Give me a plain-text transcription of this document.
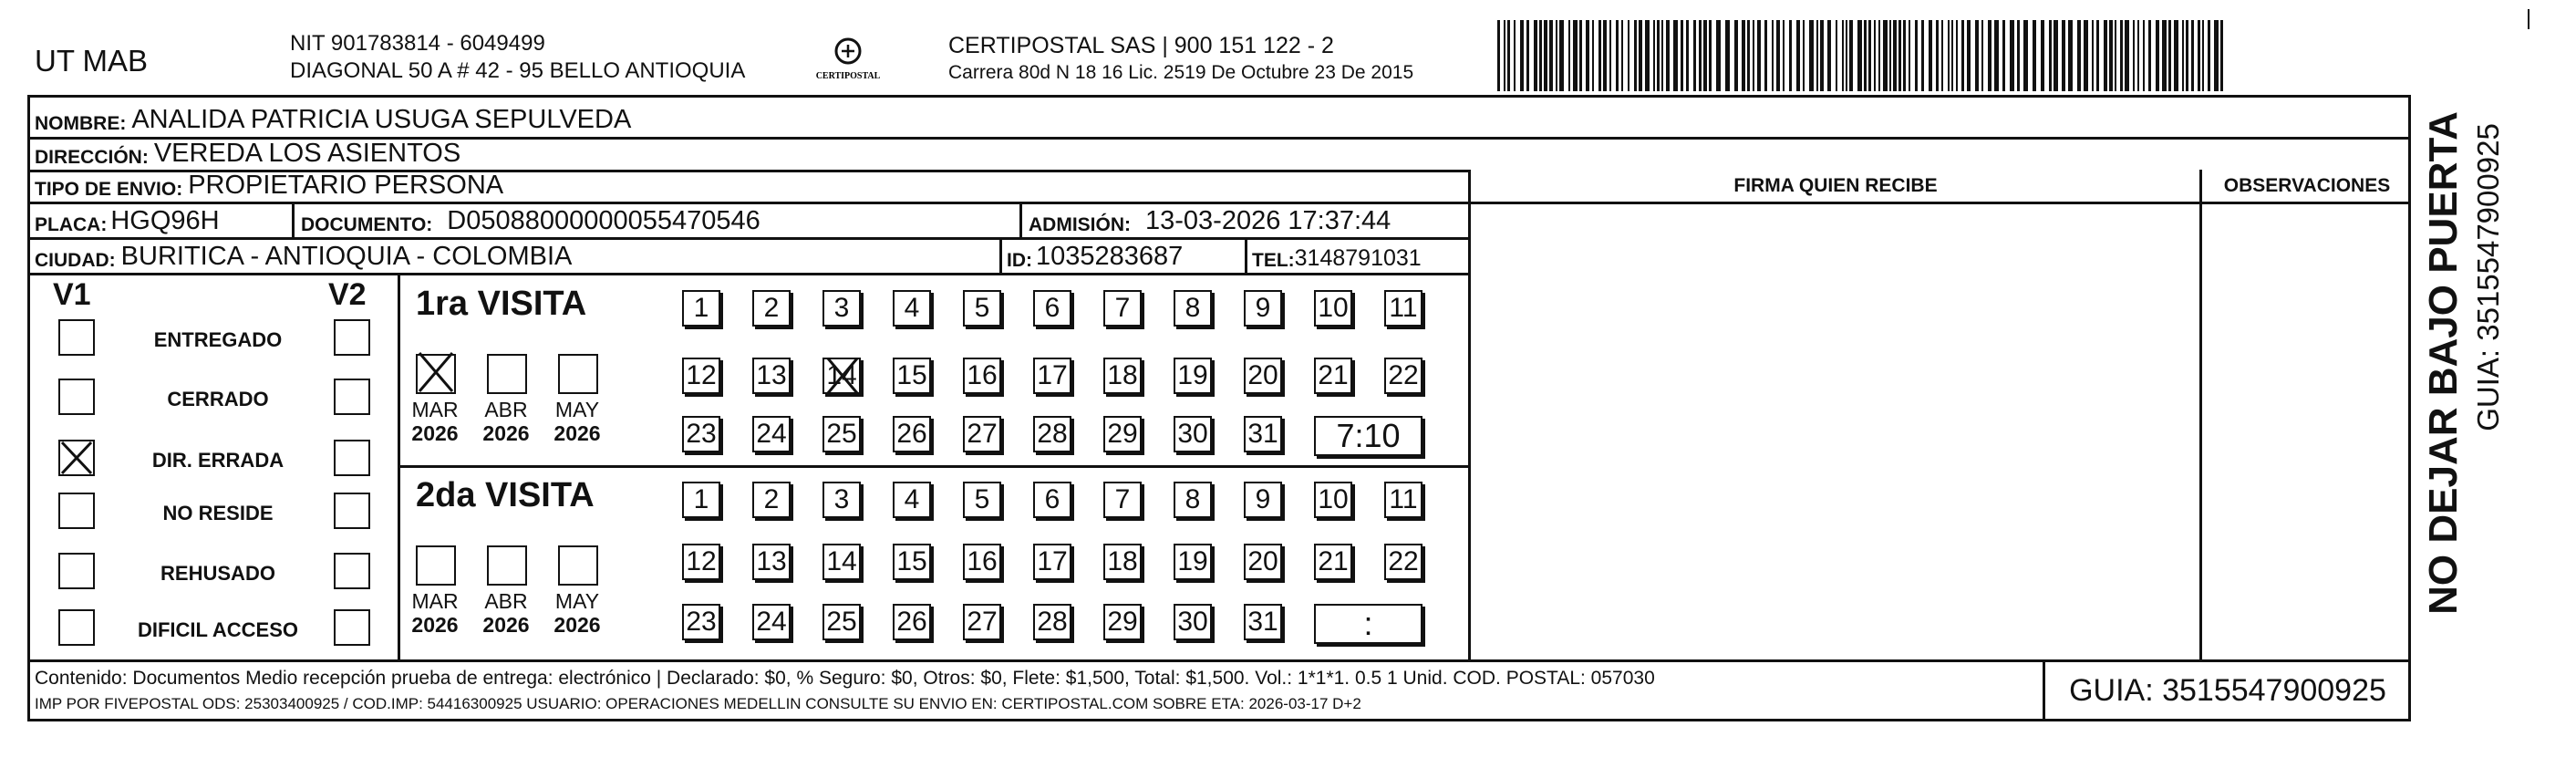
UT MAB
NIT 901783814 - 6049499
DIAGONAL 50 A # 42 - 95 BELLO ANTIOQUIA	CERTIPOSTAL
CERTIPOSTAL SAS | 900 151 122 - 2
Carrera 80d N 18 16 Lic. 2519 De Octubre 23 De 2015
NOMBRE: ANALIDA PATRICIA USUGA SEPULVEDA
DIRECCIÓN: VEREDA LOS ASIENTOS
TIPO DE ENVIO: PROPIETARIO PERSONA	FIRMA QUIEN RECIBE	OBSERVACIONES
PLACA: HGQ96H	DOCUMENTO: D05088000000055470546	ADMISIÓN: 13-03-2026 17:37:44
CIUDAD: BURITICA - ANTIOQUIA - COLOMBIA	ID: 1035283687	TEL: 3148791031
V1	V2
ENTREGADO
CERRADO
DIR. ERRADA
NO RESIDE
REHUSADO
DIFICIL ACCESO
1ra VISITA
MAR
2026
ABR
2026
MAY
2026
1 2 3 4 5 6 7 8 9 10 11
12 13 14 15 16 17 18 19 20 21 22
23 24 25 26 27 28 29 30 31 7:10
2da VISITA
MAR
2026
ABR
2026
MAY
2026
1 2 3 4 5 6 7 8 9 10 11
12 13 14 15 16 17 18 19 20 21 22
23 24 25 26 27 28 29 30 31	:
Contenido: Documentos Medio recepción prueba de entrega: electrónico | Declarado: $0, % Seguro: $0, Otros: $0, Flete: $1,500, Total: $1,500. Vol.: 1*1*1. 0.5 1 Unid. COD. POSTAL: 057030
IMP POR FIVEPOSTAL ODS: 25303400925 / COD.IMP: 54416300925 USUARIO: OPERACIONES MEDELLIN CONSULTE SU ENVIO EN: CERTIPOSTAL.COM SOBRE ETA: 2026-03-17 D+2	GUIA: 3515547900925
NO DEJAR BAJO PUERTA GUIA: 3515547900925
